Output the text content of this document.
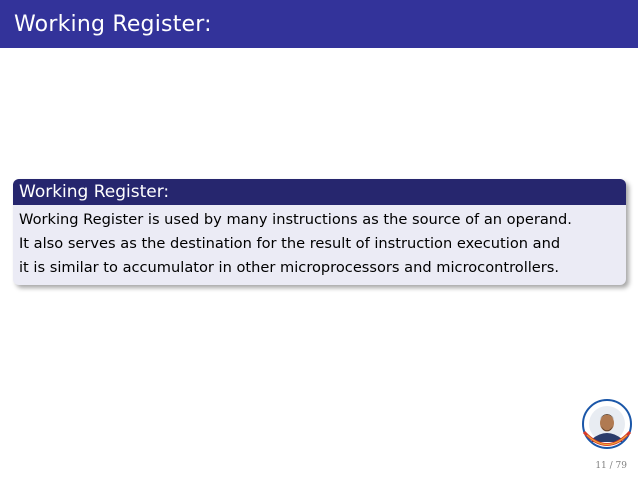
Working Register:
Working Register:
Working Register is used by many instructions as the source of an operand.
It also serves as the destination for the result of instruction execution and
it is similar to accumulator in other microprocessors and microcontrollers.
11 / 79
